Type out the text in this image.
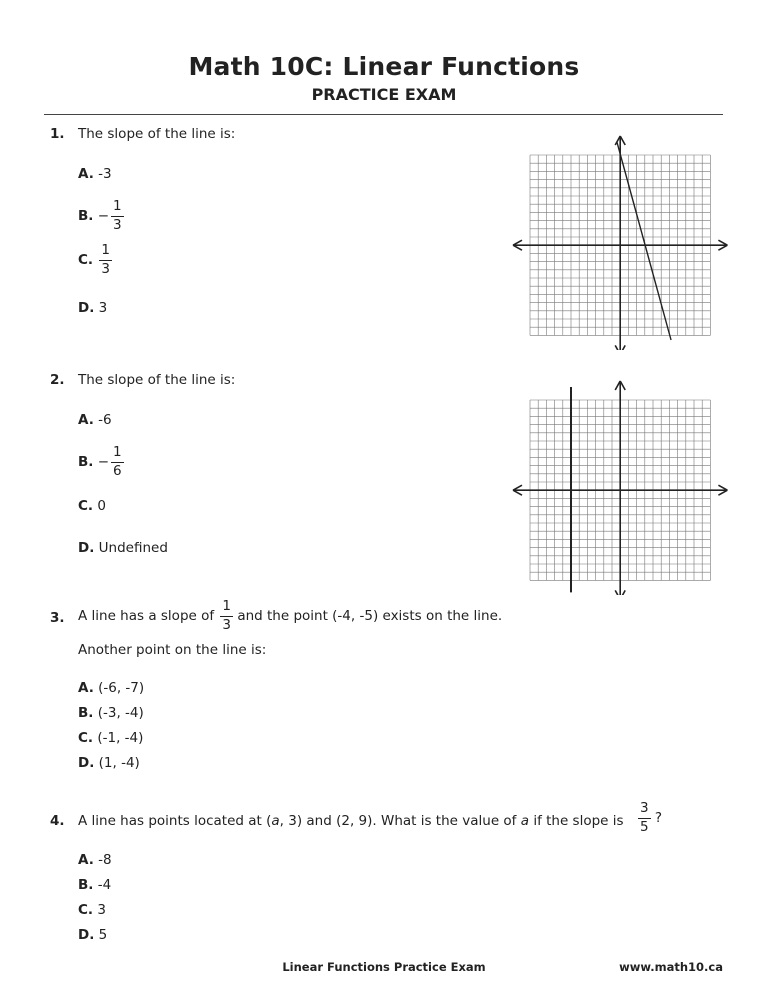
Math 10C: Linear Functions
PRACTICE EXAM
1. The slope of the line is:
A. -3
B. − $\frac{1}{3}$
C. $\frac{1}{3}$
D. 3
2. The slope of the line is:
A. -6
B. − $\frac{1}{6}$
C. 0
D. Undefined
3. A line has a slope of $\frac{1}{3}$ and the point (-4, -5) exists on the line.
Another point on the line is:
A. (-6, -7)
B. (-3, -4)
C. (-1, -4)
D. (1, -4)
4. A line has points located at (a, 3) and (2, 9). What is the value of a if the slope is $\frac{3}{5}$ ?
A. -8
B. -4
C. 3
D. 5
Linear Functions Practice Exam	www.math10.ca
